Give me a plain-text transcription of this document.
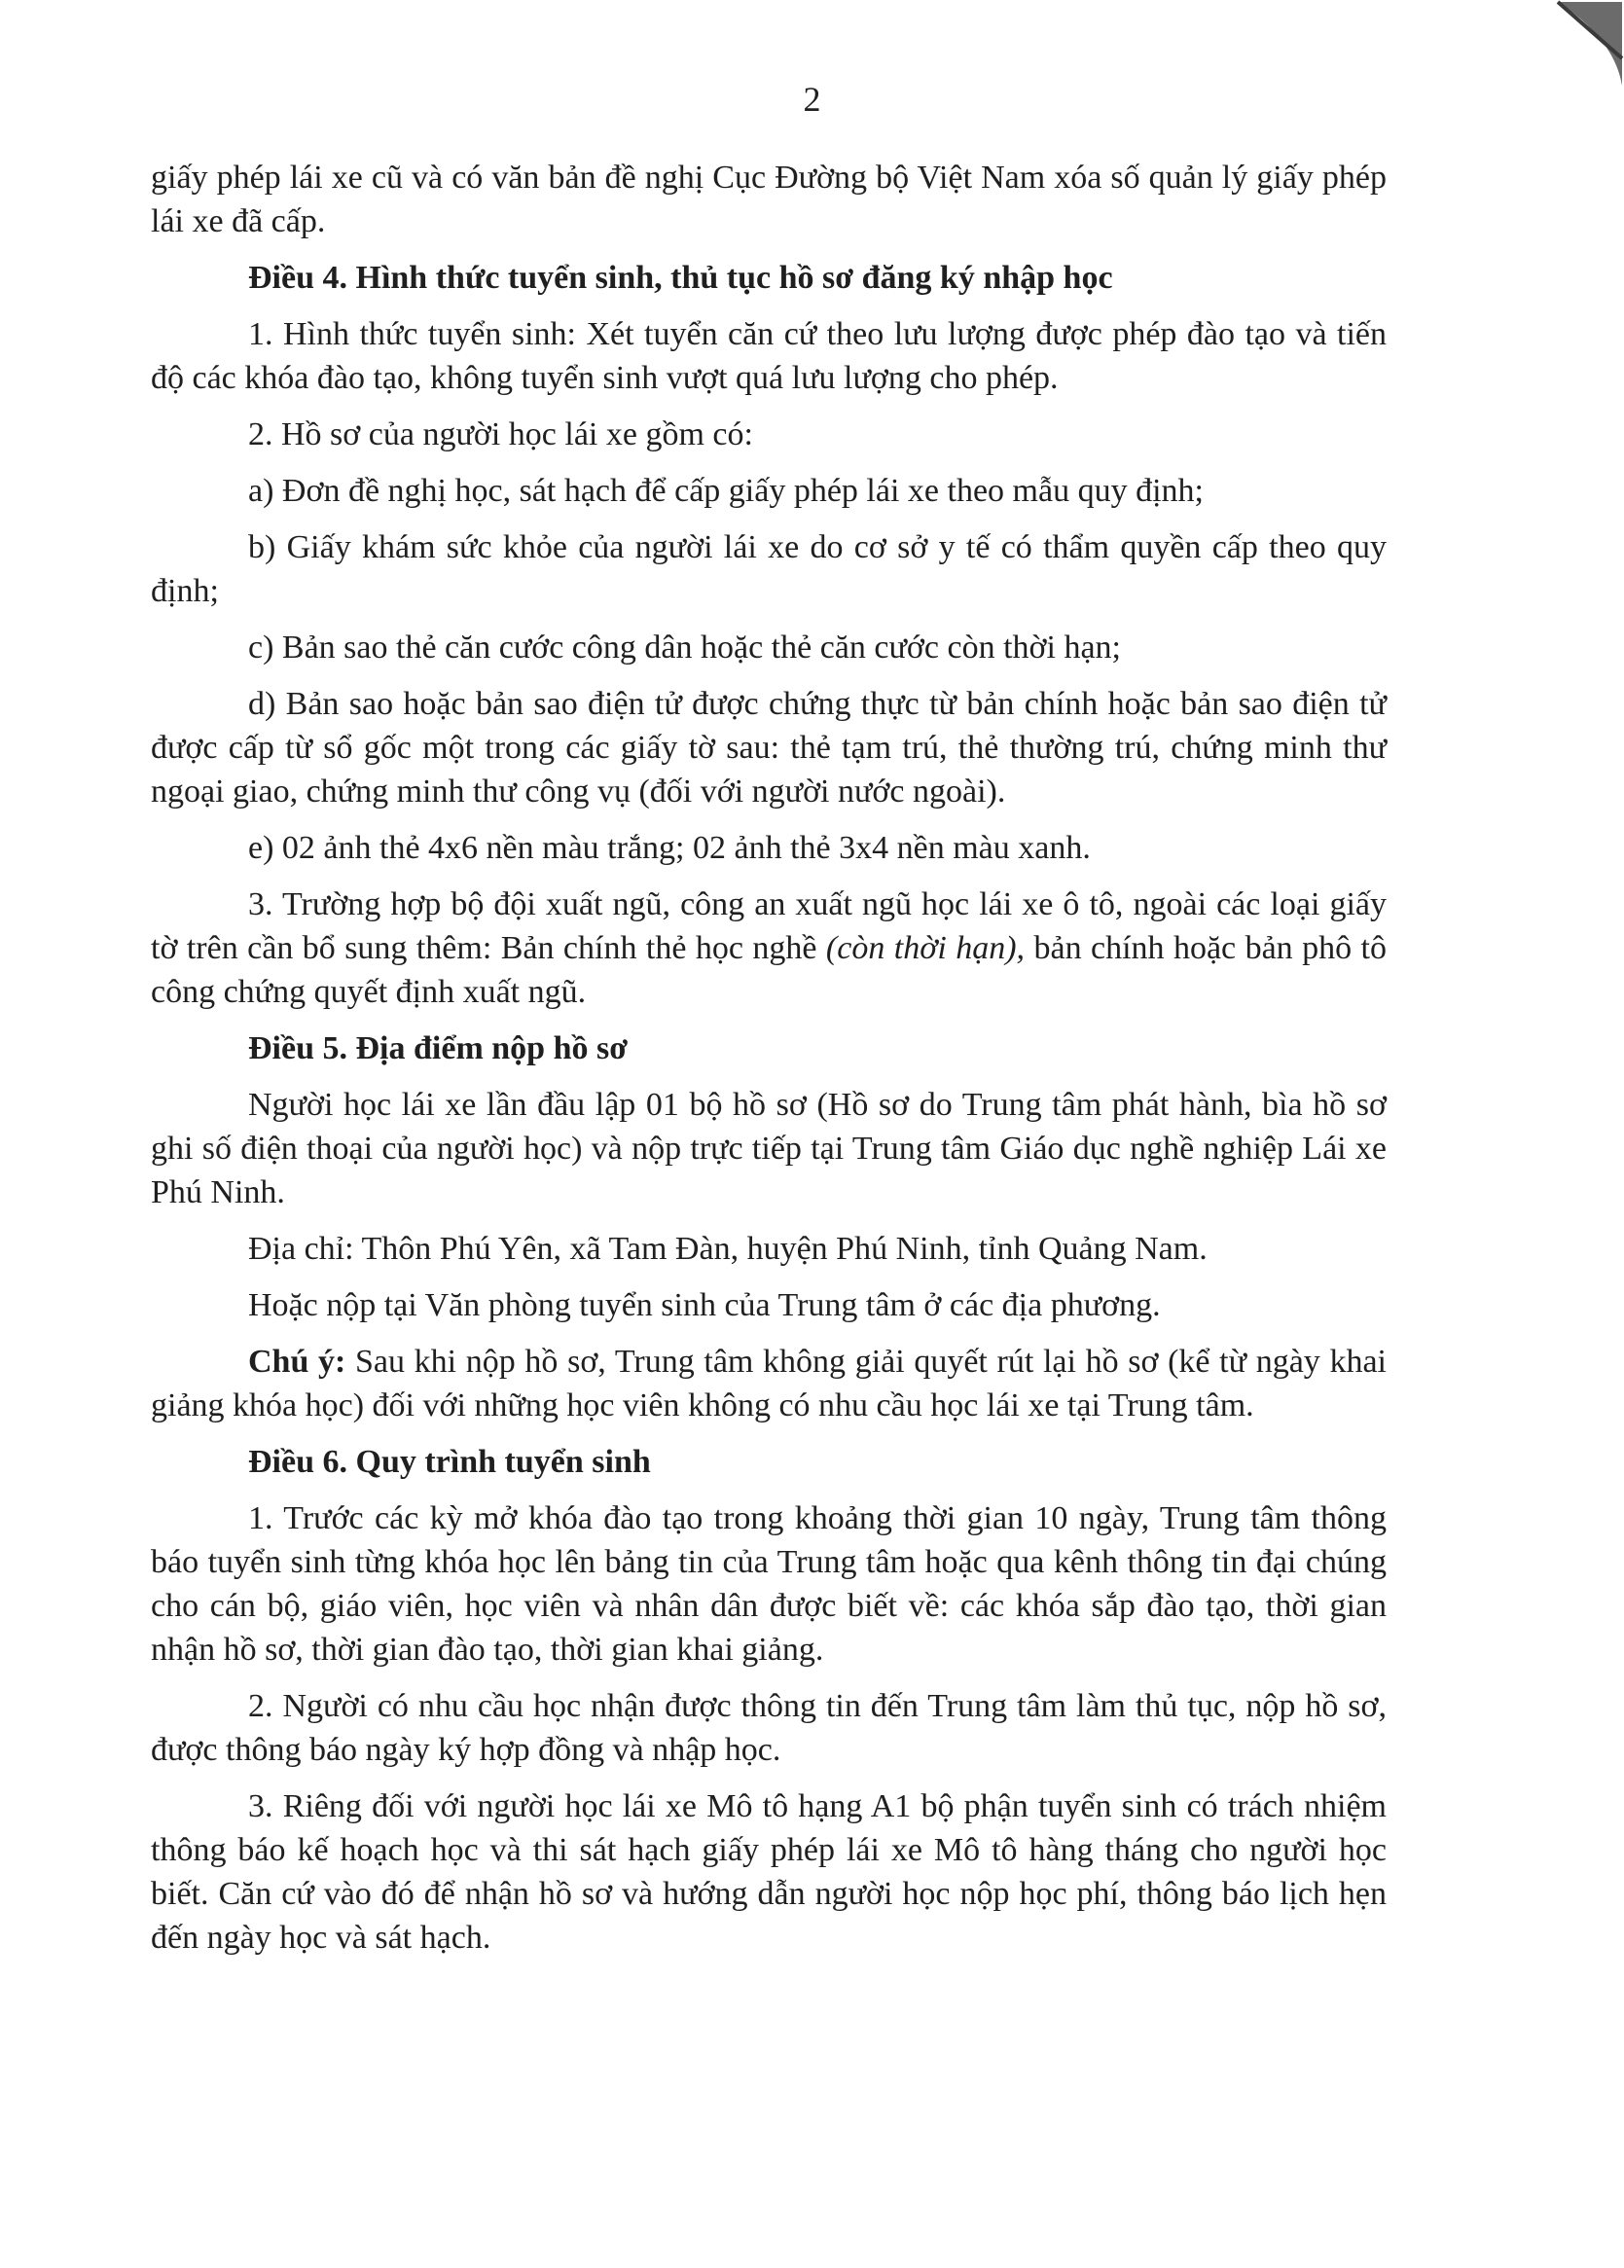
2

giấy phép lái xe cũ và có văn bản đề nghị Cục Đường bộ Việt Nam xóa số quản lý giấy phép lái xe đã cấp.

Điều 4. Hình thức tuyển sinh, thủ tục hồ sơ đăng ký nhập học

1. Hình thức tuyển sinh: Xét tuyển căn cứ theo lưu lượng được phép đào tạo và tiến độ các khóa đào tạo, không tuyển sinh vượt quá lưu lượng cho phép.

2. Hồ sơ của người học lái xe gồm có:

a) Đơn đề nghị học, sát hạch để cấp giấy phép lái xe theo mẫu quy định;

b) Giấy khám sức khỏe của người lái xe do cơ sở y tế có thẩm quyền cấp theo quy định;

c) Bản sao thẻ căn cước công dân hoặc thẻ căn cước còn thời hạn;

d) Bản sao hoặc bản sao điện tử được chứng thực từ bản chính hoặc bản sao điện tử được cấp từ sổ gốc một trong các giấy tờ sau: thẻ tạm trú, thẻ thường trú, chứng minh thư ngoại giao, chứng minh thư công vụ (đối với người nước ngoài).

e) 02 ảnh thẻ 4x6 nền màu trắng; 02 ảnh thẻ 3x4 nền màu xanh.

3. Trường hợp bộ đội xuất ngũ, công an xuất ngũ học lái xe ô tô, ngoài các loại giấy tờ trên cần bổ sung thêm: Bản chính thẻ học nghề (còn thời hạn), bản chính hoặc bản phô tô công chứng quyết định xuất ngũ.

Điều 5. Địa điểm nộp hồ sơ

Người học lái xe lần đầu lập 01 bộ hồ sơ (Hồ sơ do Trung tâm phát hành, bìa hồ sơ ghi số điện thoại của người học) và nộp trực tiếp tại Trung tâm Giáo dục nghề nghiệp Lái xe Phú Ninh.

Địa chỉ: Thôn Phú Yên, xã Tam Đàn, huyện Phú Ninh, tỉnh Quảng Nam.

Hoặc nộp tại Văn phòng tuyển sinh của Trung tâm ở các địa phương.

Chú ý: Sau khi nộp hồ sơ, Trung tâm không giải quyết rút lại hồ sơ (kể từ ngày khai giảng khóa học) đối với những học viên không có nhu cầu học lái xe tại Trung tâm.

Điều 6. Quy trình tuyển sinh

1. Trước các kỳ mở khóa đào tạo trong khoảng thời gian 10 ngày, Trung tâm thông báo tuyển sinh từng khóa học lên bảng tin của Trung tâm hoặc qua kênh thông tin đại chúng cho cán bộ, giáo viên, học viên và nhân dân được biết về: các khóa sắp đào tạo, thời gian nhận hồ sơ, thời gian đào tạo, thời gian khai giảng.

2. Người có nhu cầu học nhận được thông tin đến Trung tâm làm thủ tục, nộp hồ sơ, được thông báo ngày ký hợp đồng và nhập học.

3. Riêng đối với người học lái xe Mô tô hạng A1 bộ phận tuyển sinh có trách nhiệm thông báo kế hoạch học và thi sát hạch giấy phép lái xe Mô tô hàng tháng cho người học biết. Căn cứ vào đó để nhận hồ sơ và hướng dẫn người học nộp học phí, thông báo lịch hẹn đến ngày học và sát hạch.
